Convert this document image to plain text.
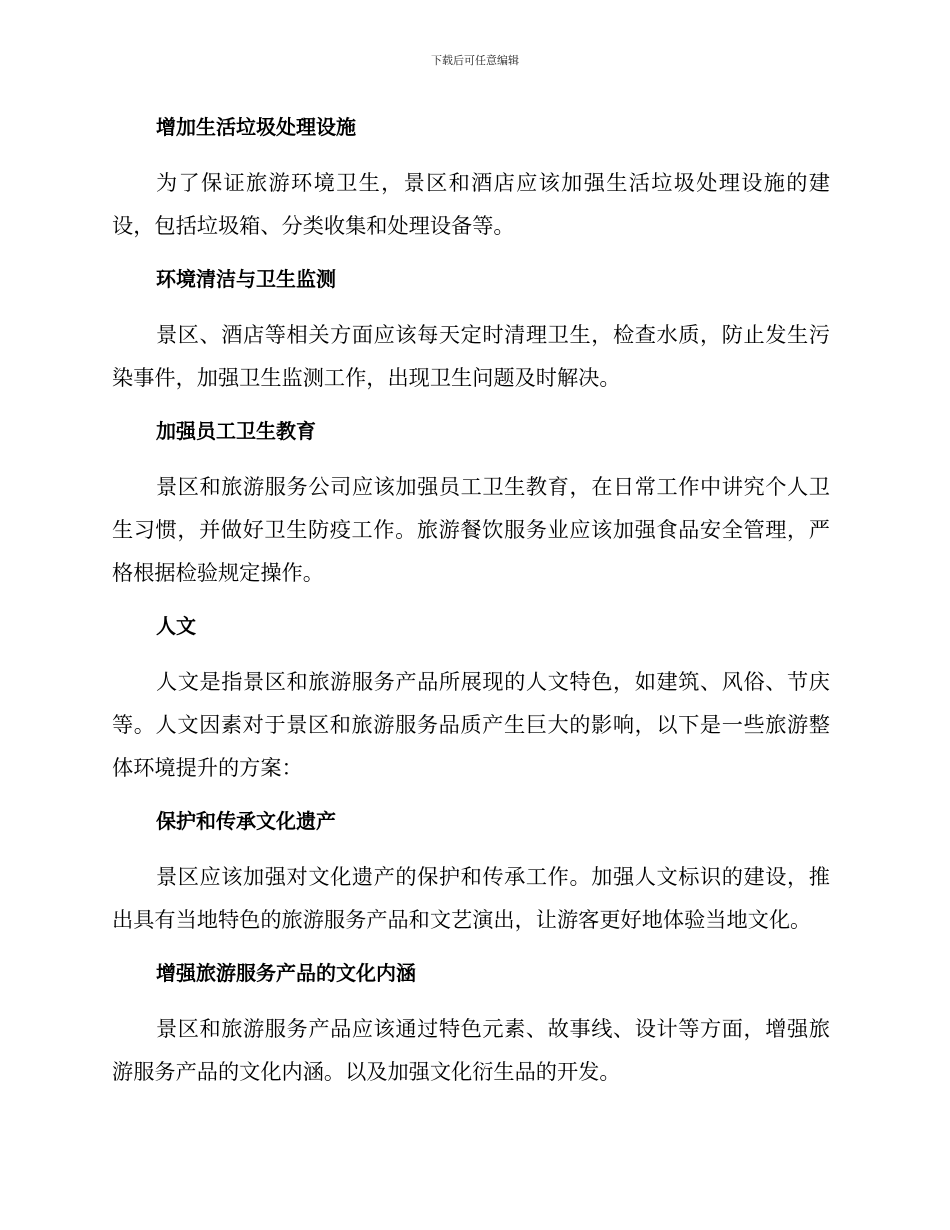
下载后可任意编辑
增加生活垃圾处理设施

为了保证旅游环境卫生，景区和酒店应该加强生活垃圾处理设施的建设，包括垃圾箱、分类收集和处理设备等。

环境清洁与卫生监测

景区、酒店等相关方面应该每天定时清理卫生，检查水质，防止发生污染事件，加强卫生监测工作，出现卫生问题及时解决。

加强员工卫生教育

景区和旅游服务公司应该加强员工卫生教育，在日常工作中讲究个人卫生习惯，并做好卫生防疫工作。旅游餐饮服务业应该加强食品安全管理，严格根据检验规定操作。

人文

人文是指景区和旅游服务产品所展现的人文特色，如建筑、风俗、节庆等。人文因素对于景区和旅游服务品质产生巨大的影响，以下是一些旅游整体环境提升的方案：

保护和传承文化遗产

景区应该加强对文化遗产的保护和传承工作。加强人文标识的建设，推出具有当地特色的旅游服务产品和文艺演出，让游客更好地体验当地文化。

增强旅游服务产品的文化内涵

景区和旅游服务产品应该通过特色元素、故事线、设计等方面，增强旅游服务产品的文化内涵。以及加强文化衍生品的开发。
